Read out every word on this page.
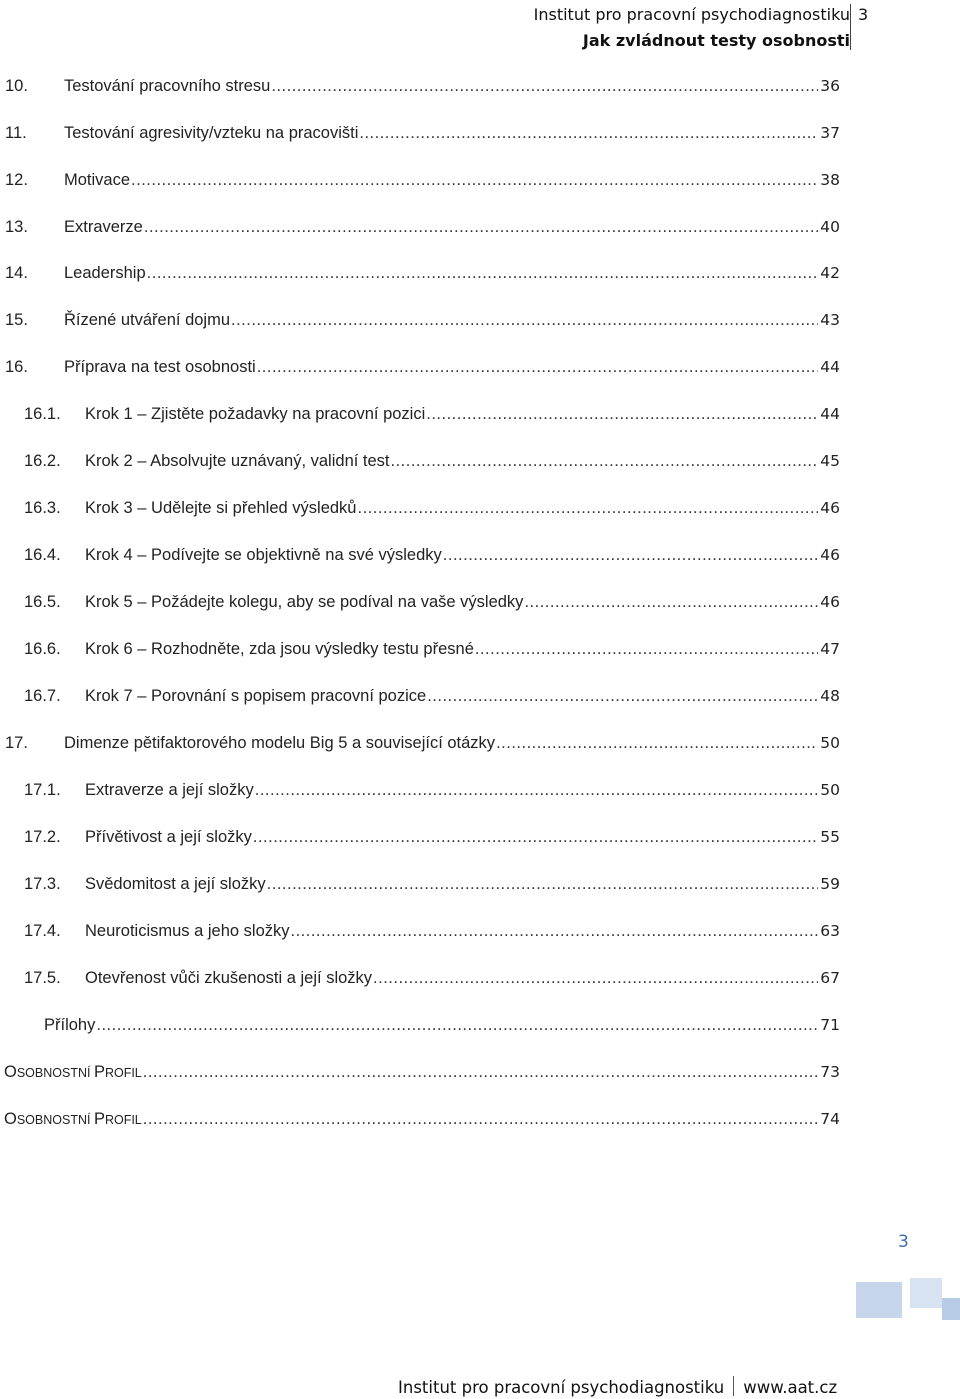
Institut pro pracovní psychodiagnostiku
Jak zvládnout testy osobnosti
3
10.	Testování pracovního stresu .....	36
11.	Testování agresivity/vzteku na pracovišti .....	37
12.	Motivace .....	38
13.	Extraverze .....	40
14.	Leadership .....	42
15.	Řízené utváření dojmu .....	43
16.	Příprava na test osobnosti .....	44
16.1.	Krok 1 – Zjistěte požadavky na pracovní pozici .....	44
16.2.	Krok 2 – Absolvujte uznávaný, validní test .....	45
16.3.	Krok 3 – Udělejte si přehled výsledků .....	46
16.4.	Krok 4 – Podívejte se objektivně na své výsledky .....	46
16.5.	Krok 5 – Požádejte kolegu, aby se podíval na vaše výsledky .....	46
16.6.	Krok 6 – Rozhodněte, zda jsou výsledky testu přesné .....	47
16.7.	Krok 7 – Porovnání s popisem pracovní pozice .....	48
17.	Dimenze pětifaktorového modelu Big 5 a související otázky .....	50
17.1.	Extraverze a její složky .....	50
17.2.	Přívětivost a její složky .....	55
17.3.	Svědomitost a její složky .....	59
17.4.	Neuroticismus a jeho složky .....	63
17.5.	Otevřenost vůči zkušenosti a její složky .....	67
Přílohy .....	71
OSOBNOSTNÍ PROFIL .....	73
OSOBNOSTNÍ PROFIL .....	74
3
Institut pro pracovní psychodiagnostiku www.aat.cz
